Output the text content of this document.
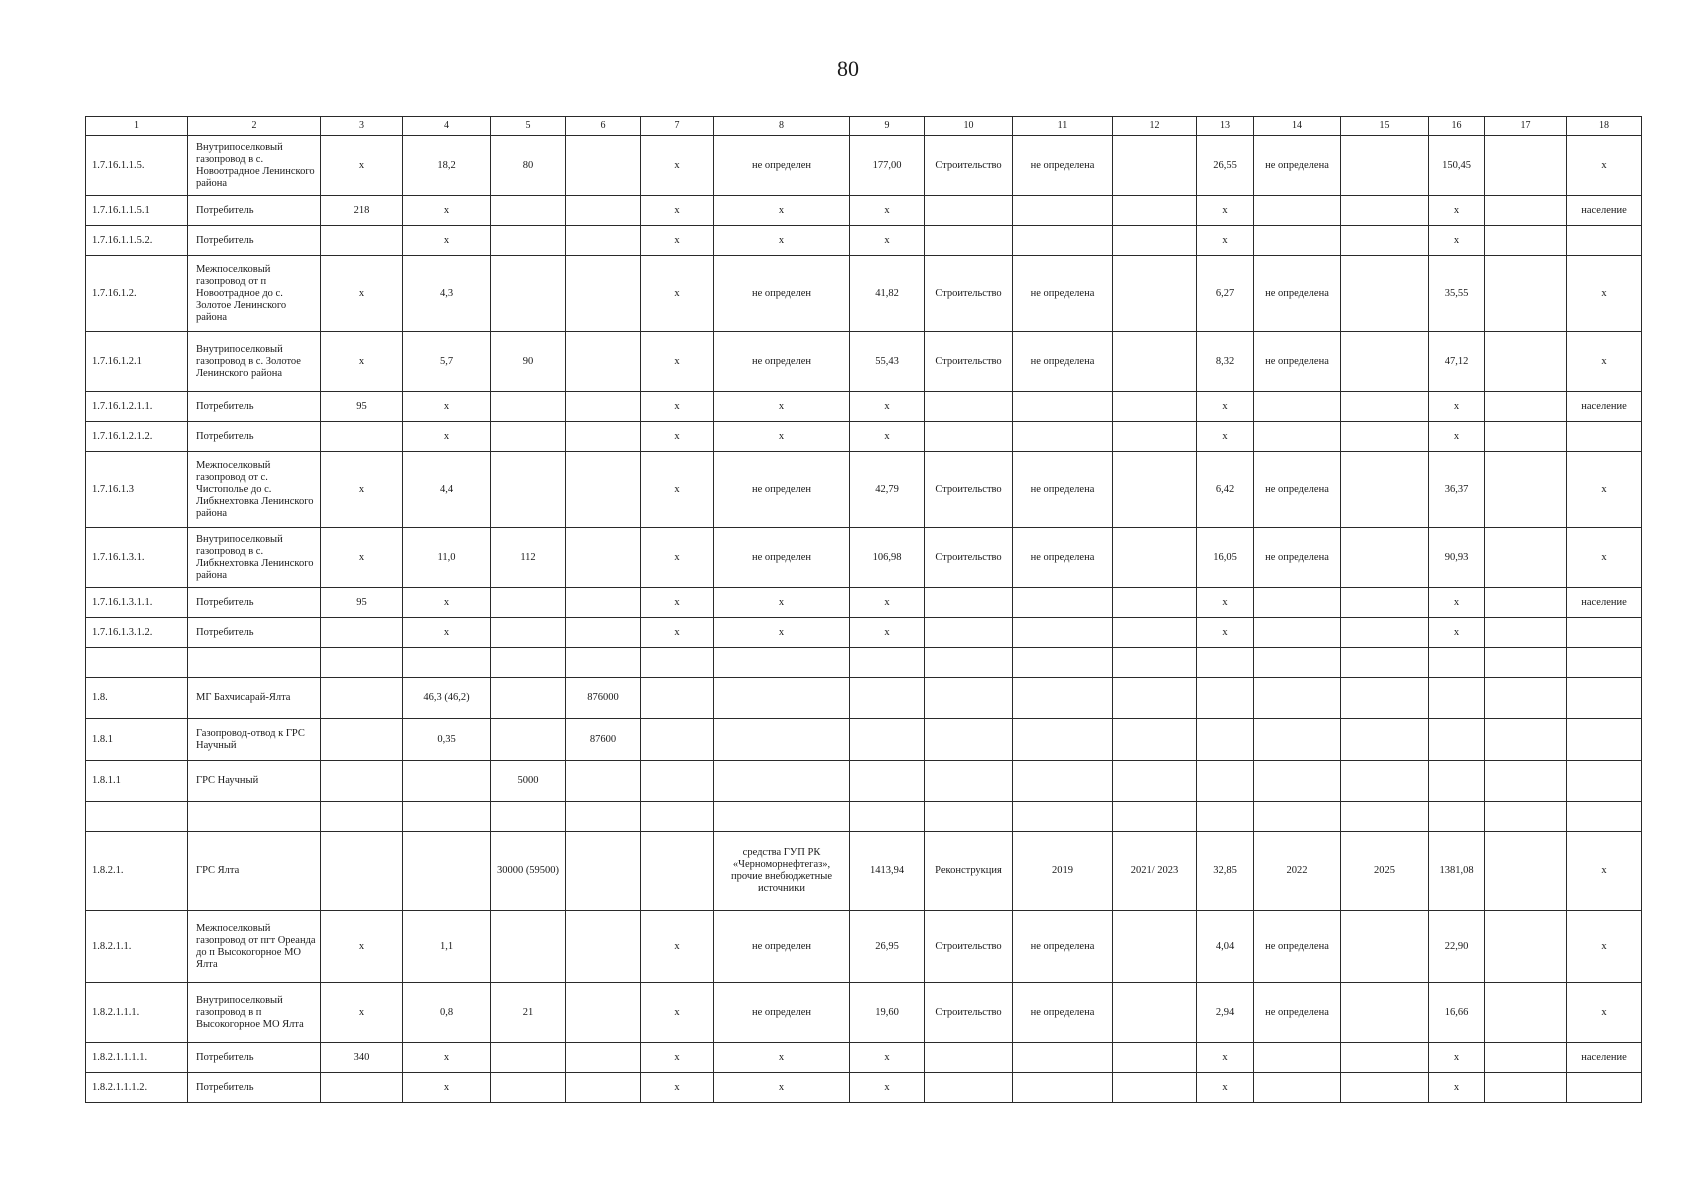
80
1	2	3	4	5	6	7	8	9	10	11	12	13	14	15	16	17	18
1.7.16.1.1.5.	Внутрипоселковый газопровод в с. Новоотрадное Ленинского района	х	18,2	80		х	не определен	177,00	Строительство	не определена		26,55	не определена		150,45		х
1.7.16.1.1.5.1	Потребитель	218	х			х	х	х				х			х		население
1.7.16.1.1.5.2.	Потребитель		х			х	х	х				х			х		
1.7.16.1.2.	Межпоселковый газопровод от п Новоотрадное до с. Золотое Ленинского района	х	4,3			х	не определен	41,82	Строительство	не определена		6,27	не определена		35,55		х
1.7.16.1.2.1	Внутрипоселковый газопровод в с. Золотое Ленинского района	х	5,7	90		х	не определен	55,43	Строительство	не определена		8,32	не определена		47,12		х
1.7.16.1.2.1.1.	Потребитель	95	х			х	х	х				х			х		население
1.7.16.1.2.1.2.	Потребитель		х			х	х	х				х			х		
1.7.16.1.3	Межпоселковый газопровод от с. Чистополье до с. Либкнехтовка Ленинского района	х	4,4			х	не определен	42,79	Строительство	не определена		6,42	не определена		36,37		х
1.7.16.1.3.1.	Внутрипоселковый газопровод в с. Либкнехтовка Ленинского района	х	11,0	112		х	не определен	106,98	Строительство	не определена		16,05	не определена		90,93		х
1.7.16.1.3.1.1.	Потребитель	95	х			х	х	х				х			х		население
1.7.16.1.3.1.2.	Потребитель		х			х	х	х				х			х		

1.8.	МГ Бахчисарай-Ялта		46,3 (46,2)		876000												
1.8.1	Газопровод-отвод к ГРС Научный		0,35		87600												
1.8.1.1	ГРС Научный			5000													

1.8.2.1.	ГРС Ялта			30000 (59500)			средства ГУП РК «Черноморнефтегаз», прочие внебюджетные источники	1413,94	Реконструкция	2019	2021/ 2023	32,85	2022	2025	1381,08		х
1.8.2.1.1.	Межпоселковый газопровод от пгт Ореанда до п Высокогорное МО Ялта	х	1,1			х	не определен	26,95	Строительство	не определена		4,04	не определена		22,90		х
1.8.2.1.1.1.	Внутрипоселковый газопровод в п Высокогорное МО Ялта	х	0,8	21		х	не определен	19,60	Строительство	не определена		2,94	не определена		16,66		х
1.8.2.1.1.1.1.	Потребитель	340	х			х	х	х				х			х		население
1.8.2.1.1.1.2.	Потребитель		х			х	х	х				х			х		
